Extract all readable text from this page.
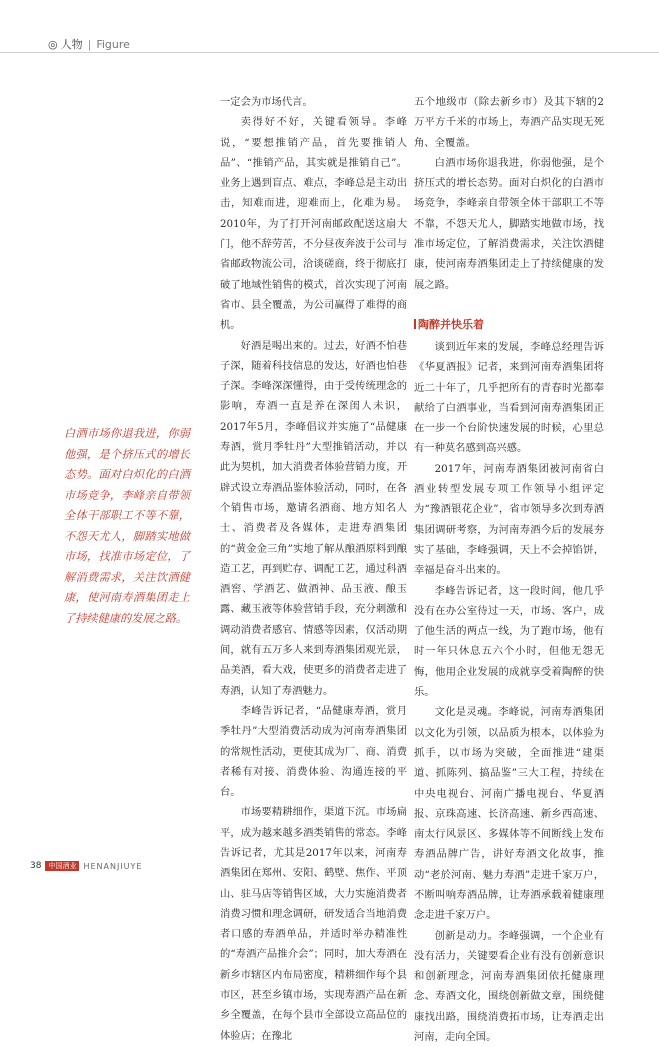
◎ 人物 | Figure
白酒市场你退我进，你弱他强，是个挤压式的增长态势。面对白炽化的白酒市场竞争，李峰亲自带领全体干部职工不等不靠，不怨天尤人，脚踏实地做市场，找准市场定位，了解消费需求，关注饮酒健康，使河南寿酒集团走上了持续健康的发展之路。

一定会为市场代言。

卖得好不好，关键看领导。李峰说，“要想推销产品，首先要推销人品”、“推销产品，其实就是推销自己”。业务上遇到盲点、难点，李峰总是主动出击，知难而进，迎难而上，化难为易。2010年，为了打开河南邮政配送这扇大门，他不辞劳苦，不分昼夜奔波于公司与省邮政物流公司，洽谈磋商，终于彻底打破了地域性销售的模式，首次实现了河南省市、县全覆盖，为公司赢得了难得的商机。

好酒是喝出来的。过去，好酒不怕巷子深，随着科技信息的发达，好酒也怕巷子深。李峰深深懂得，由于受传统理念的影响，寿酒一直是养在深闺人未识，2017年5月，李峰倡议并实施了“品健康寿酒，赏月季牡丹”大型推销活动，并以此为契机，加大消费者体验营销力度，开辟式设立寿酒品鉴体验活动，同时，在各个销售市场，邀请名酒商、地方知名人士、消费者及各媒体，走进寿酒集团的“黄金金三角”实地了解从酿酒原料到酿造工艺，再到贮存、调配工艺，通过科酒酒窖、学酒艺、做酒神、品玉液、酿玉露、藏玉液等体验营销手段，充分刺激和调动消费者感官、情感等因素，仅活动期间，就有五万多人来到寿酒集团观光景，品美酒，看大戏，使更多的消费者走进了寿酒，认知了寿酒魅力。

李峰告诉记者，“品健康寿酒，赏月季牡丹”大型消费活动成为河南寿酒集团的常规性活动，更使其成为厂、商、消费者稀有对接、消费体验、沟通连接的平台。

市场要精耕细作，渠道下沉。市场扁平，成为越来越多酒类销售的常态。李峰告诉记者，尤其是2017年以来，河南寿酒集团在郑州、安阳、鹤壁、焦作、平顶山、驻马店等销售区域，大力实施消费者消费习惯和理念调研，研发适合当地消费者口感的寿酒单品，并适时举办精准性的“寿酒产品推介会”；同时，加大寿酒在新乡市辖区内布局密度，精耕细作每个县市区，甚至乡镇市场，实现寿酒产品在新乡全覆盖，在每个县市全部设立高品位的体验店；在豫北

五个地级市（除去新乡市）及其下辖的2万平方千米的市场上，寿酒产品实现无死角、全覆盖。

白酒市场你退我进，你弱他强，是个挤压式的增长态势。面对白炽化的白酒市场竞争，李峰亲自带领全体干部职工不等不靠，不怨天尤人，脚踏实地做市场，找准市场定位，了解消费需求，关注饮酒健康，使河南寿酒集团走上了持续健康的发展之路。

陶醉并快乐着

谈到近年来的发展，李峰总经理告诉《华夏酒报》记者，来到河南寿酒集团将近二十年了，几乎把所有的青春时光都奉献给了白酒事业，当看到河南寿酒集团正在一步一个台阶快速发展的时候，心里总有一种莫名感到高兴感。

2017年，河南寿酒集团被河南省白酒业转型发展专项工作领导小组评定为“豫酒银花企业”，省市领导多次到寿酒集团调研考察，为河南寿酒今后的发展夯实了基础，李峰强调，天上不会掉馅饼，幸福是奋斗出来的。

李峰告诉记者，这一段时间，他几乎没有在办公室待过一天，市场、客户，成了他生活的两点一线，为了跑市场，他有时一年只休息五六个小时，但他无怨无悔，他用企业发展的成就享受着陶醉的快乐。

文化是灵魂。李峰说，河南寿酒集团以文化为引领，以品质为根本，以体验为抓手，以市场为突破，全面推进“建渠道、抓陈列、搞品鉴”三大工程，持续在中央电视台、河南广播电视台、华夏酒报、京珠高速、长济高速、新乡西高速、南太行风景区、多媒体等不间断线上发布寿酒品牌广告，讲好寿酒文化故事，推动“老於河南、魅力寿酒”走进千家万户，不断叫响寿酒品牌，让寿酒承载着健康理念走进千家万户。

创新是动力。李峰强调，一个企业有没有活力，关键要看企业有没有创新意识和创新理念，河南寿酒集团依托健康理念、寿酒文化，围绕创新做文章，围绕健康找出路，围绕消费拓市场，让寿酒走出河南，走向全国。

38	中国酒业 HENANJIUYE
